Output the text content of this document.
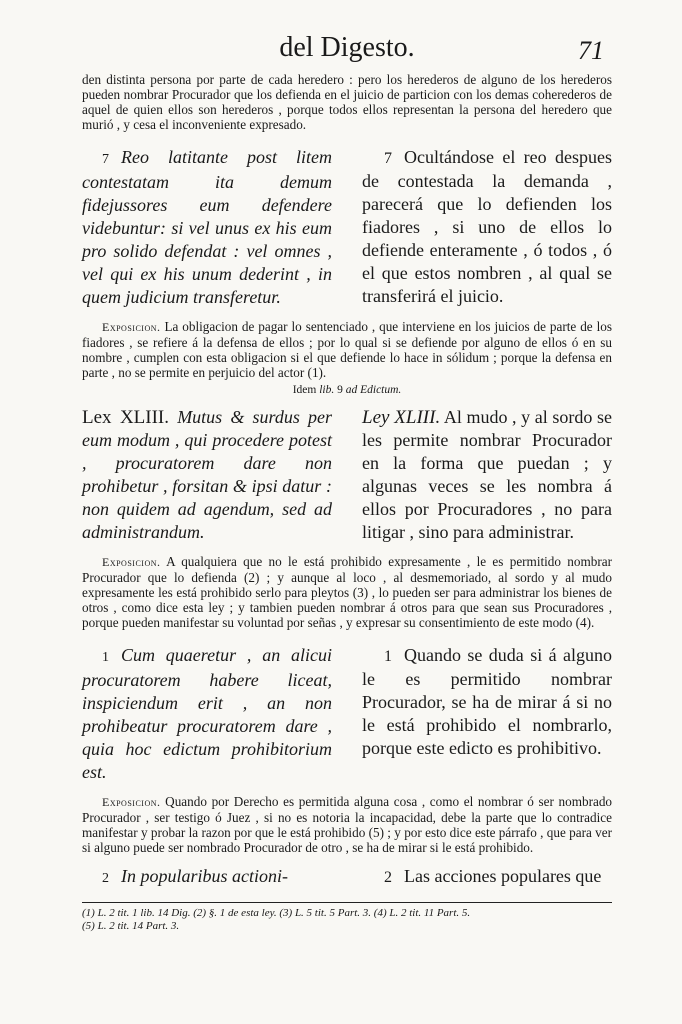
del Digesto.	71

den distinta persona por parte de cada heredero : pero los herederos de alguno de los herederos pueden nombrar Procurador que los defienda en el juicio de particion con los demas coherederos de aquel de quien ellos son herederos , porque todos ellos representan la persona del heredero que murió , y cesa el inconveniente expresado.

7 Reo latitante post litem contestatam ita demum fidejussores eum defendere videbuntur: si vel unus ex his eum pro solido defendat : vel omnes , vel qui ex his unum dederint , in quem judicium transferetur.

7 Ocultándose el reo despues de contestada la demanda , parecerá que lo defienden los fiadores , si uno de ellos lo defiende enteramente , ó todos , ó el que estos nombren , al qual se transferirá el juicio.

Exposicion. La obligacion de pagar lo sentenciado , que interviene en los juicios de parte de los fiadores , se refiere á la defensa de ellos ; por lo qual si se defiende por alguno de ellos ó en su nombre , cumplen con esta obligacion si el que defiende lo hace in sólidum ; porque la defensa en parte , no se permite en perjuicio del actor (1).

Idem lib. 9 ad Edictum.

Lex XLIII. Mutus & surdus per eum modum , qui procedere potest , procuratorem dare non prohibetur , forsitan & ipsi datur : non quidem ad agendum, sed ad administrandum.

Ley XLIII. Al mudo , y al sordo se les permite nombrar Procurador en la forma que puedan ; y algunas veces se les nombra á ellos por Procuradores , no para litigar , sino para administrar.

Exposicion. A qualquiera que no le está prohibido expresamente , le es permitido nombrar Procurador que lo defienda (2) ; y aunque al loco , al desmemoriado, al sordo y al mudo expresamente les está prohibido serlo para pleytos (3) , lo pueden ser para administrar los bienes de otros , como dice esta ley ; y tambien pueden nombrar á otros para que sean sus Procuradores , porque pueden manifestar su voluntad por señas , y expresar su consentimiento de este modo (4).

1 Cum quaeretur , an alicui procuratorem habere liceat, inspiciendum erit , an non prohibeatur procuratorem dare , quia hoc edictum prohibitorium est.

1 Quando se duda si á alguno le es permitido nombrar Procurador, se ha de mirar á si no le está prohibido el nombrarlo, porque este edicto es prohibitivo.

Exposicion. Quando por Derecho es permitida alguna cosa , como el nombrar ó ser nombrado Procurador , ser testigo ó Juez , si no es notoria la incapacidad, debe la parte que lo contradice manifestar y probar la razon por que le está prohibido (5) ; y por esto dice este párrafo , que para ver si alguno puede ser nombrado Procurador de otro , se ha de mirar si le está prohibido.

2 In popularibus actioni-	2 Las acciones populares que

(1) L. 2 tit. 1 lib. 14 Dig. (2) §. 1 de esta ley. (3) L. 5 tit. 5 Part. 3. (4) L. 2 tit. 11 Part. 5.
(5) L. 2 tit. 14 Part. 3.
